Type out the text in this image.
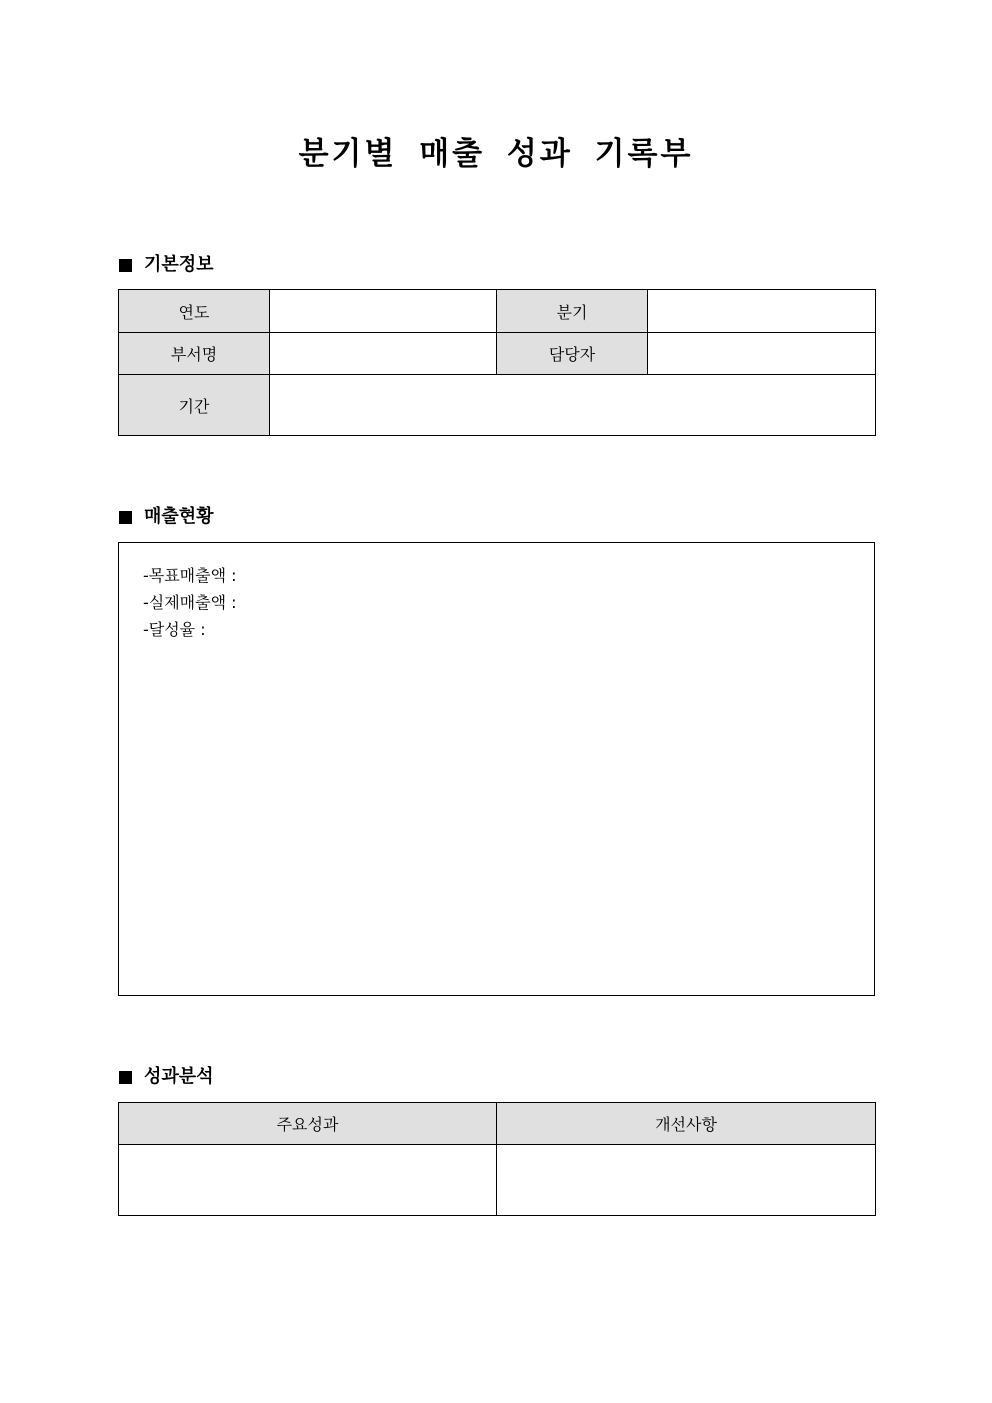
분기별 매출 성과 기록부
기본정보
연도		분기	
부서명		담당자	
기간			
매출현황
-목표매출액 :
-실제매출액 :
-달성율 :
성과분석
주요성과	개선사항
